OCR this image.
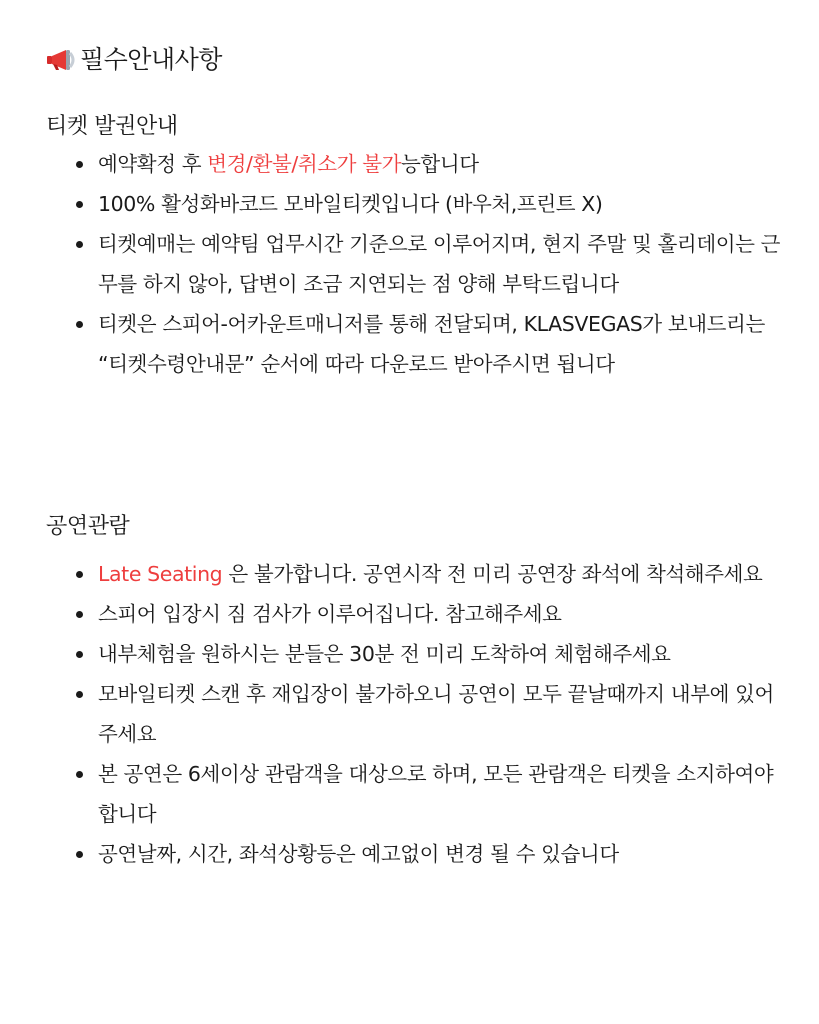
필수안내사항
티켓 발권안내
예약확정 후 변경/환불/취소가 불가능합니다
100% 활성화바코드 모바일티켓입니다 (바우처,프린트 X)
티켓예매는 예약팀 업무시간 기준으로 이루어지며, 현지 주말 및 홀리데이는 근무를 하지 않아, 답변이 조금 지연되는 점 양해 부탁드립니다
티켓은 스피어-어카운트매니저를 통해 전달되며, KLASVEGAS가 보내드리는 “티켓수령안내문” 순서에 따라 다운로드 받아주시면 됩니다
공연관람
Late Seating 은 불가합니다. 공연시작 전 미리 공연장 좌석에 착석해주세요
스피어 입장시 짐 검사가 이루어집니다. 참고해주세요
내부체험을 원하시는 분들은 30분 전 미리 도착하여 체험해주세요
모바일티켓 스캔 후 재입장이 불가하오니 공연이 모두 끝날때까지 내부에 있어주세요
본 공연은 6세이상 관람객을 대상으로 하며, 모든 관람객은 티켓을 소지하여야 합니다
공연날짜, 시간, 좌석상황등은 예고없이 변경 될 수 있습니다
